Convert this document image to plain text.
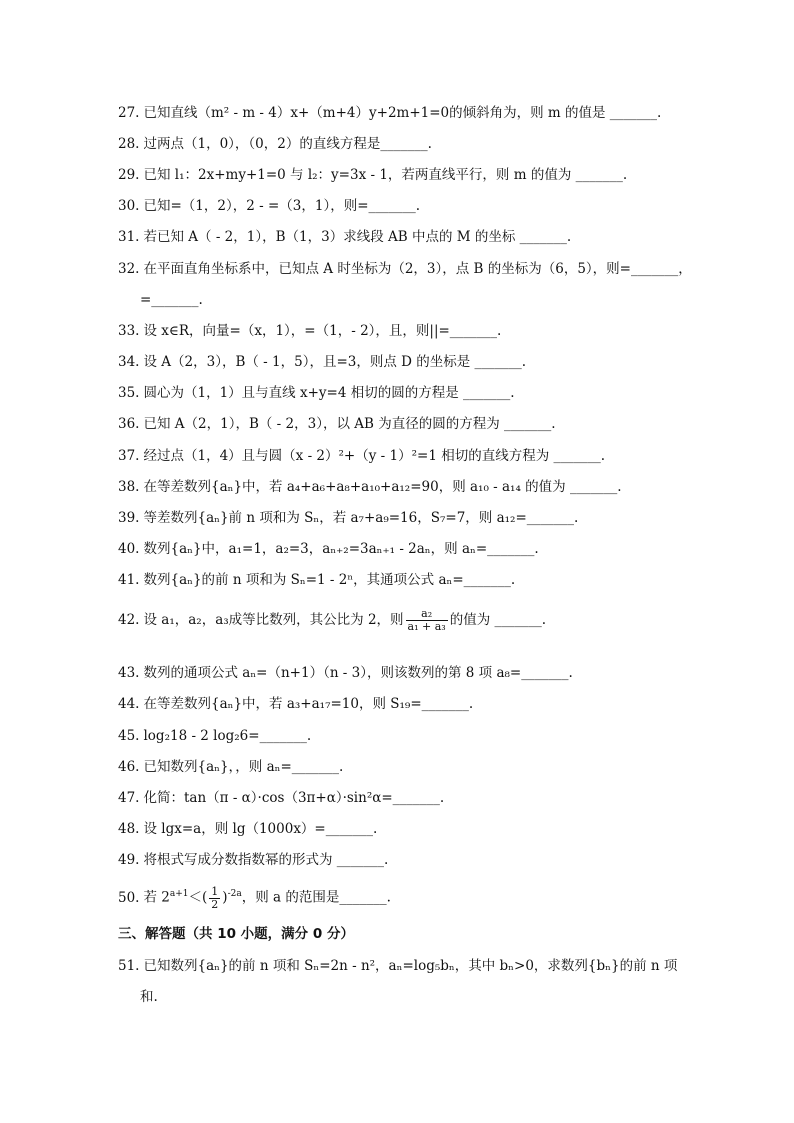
27. 已知直线（m² - m - 4）x+（m+4）y+2m+1=0的倾斜角为，则 m 的值是 _______.
28. 过两点（1，0），（0，2）的直线方程是_______.
29. 已知 l₁：2x+my+1=0 与 l₂：y=3x - 1，若两直线平行，则 m 的值为 _______.
30. 已知=（1，2），2 - =（3，1），则=_______.
31. 若已知 A（ - 2，1），B（1，3）求线段 AB 中点的 M 的坐标 _______.
32. 在平面直角坐标系中，已知点 A 时坐标为（2，3），点 B 的坐标为（6，5），则=_______，
=_______.
33. 设 x∈R，向量=（x，1），=（1，- 2），且，则||=_______.
34. 设 A（2，3），B（ - 1，5），且=3，则点 D 的坐标是 _______.
35. 圆心为（1，1）且与直线 x+y=4 相切的圆的方程是 _______.
36. 已知 A（2，1），B（ - 2，3），以 AB 为直径的圆的方程为 _______.
37. 经过点（1，4）且与圆（x - 2）²+（y - 1）²=1 相切的直线方程为 _______.
38. 在等差数列{aₙ}中，若 a₄+a₆+a₈+a₁₀+a₁₂=90，则 a₁₀ - a₁₄ 的值为 _______.
39. 等差数列{aₙ}前 n 项和为 Sₙ，若 a₇+a₉=16，S₇=7，则 a₁₂=_______.
40. 数列{aₙ}中，a₁=1，a₂=3，aₙ₊₂=3aₙ₊₁ - 2aₙ，则 aₙ=_______.
41. 数列{aₙ}的前 n 项和为 Sₙ=1 - 2ⁿ，其通项公式 aₙ=_______.
42. 设 a₁，a₂，a₃成等比数列，其公比为 2，则 $\frac{\text{a₂}}{\text{a₁ + a₃}}$ 的值为 _______.
43. 数列的通项公式 aₙ=（n+1）（n - 3），则该数列的第 8 项 a₈=_______.
44. 在等差数列{aₙ}中，若 a₃+a₁₇=10，则 S₁₉=_______.
45. log₂18 - 2 log₂6=_______.
46. 已知数列{aₙ}，，则 aₙ=_______.
47. 化简：tan（π - α）·cos（3π+α）·sin²α=_______.
48. 设 lgx=a，则 lg（1000x）=_______.
49. 将根式写成分数指数幂的形式为 _______.
50. 若 $2^{a+1}<( \frac{1}{2} )^{-2a}$，则 a 的范围是_______.
三、解答题（共 10 小题，满分 0 分）
51. 已知数列{aₙ}的前 n 项和 Sₙ=2n - n²，aₙ=log₅bₙ，其中 bₙ>0，求数列{bₙ}的前 n 项
和.
